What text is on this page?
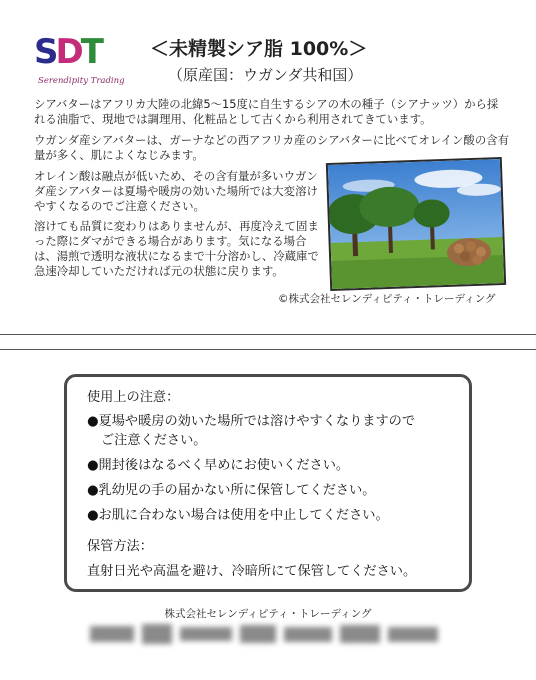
SDT
Serendipity Trading
＜未精製シア脂 100%＞
（原産国：ウガンダ共和国）

シアバターはアフリカ大陸の北緯5～15度に自生するシアの木の種子（シアナッツ）から採れる油脂で、現地では調理用、化粧品として古くから利用されてきています。

ウガンダ産シアバターは、ガーナなどの西アフリカ産のシアバターに比べてオレイン酸の含有量が多く、肌によくなじみます。

オレイン酸は融点が低いため、その含有量が多いウガンダ産シアバターは夏場や暖房の効いた場所では大変溶けやすくなるのでご注意ください。

溶けても品質に変わりはありませんが、再度冷えて固まった際にダマができる場合があります。気になる場合は、湯煎で透明な液状になるまで十分溶かし、冷蔵庫で急速冷却していただければ元の状態に戻ります。

©株式会社セレンディピティ・トレーディング

使用上の注意：

●夏場や暖房の効いた場所では溶けやすくなりますので

ご注意ください。

●開封後はなるべく早めにお使いください。

●乳幼児の手の届かない所に保管してください。

●お肌に合わない場合は使用を中止してください。

保管方法：

直射日光や高温を避け、冷暗所にて保管してください。

株式会社セレンディピティ・トレーディング
